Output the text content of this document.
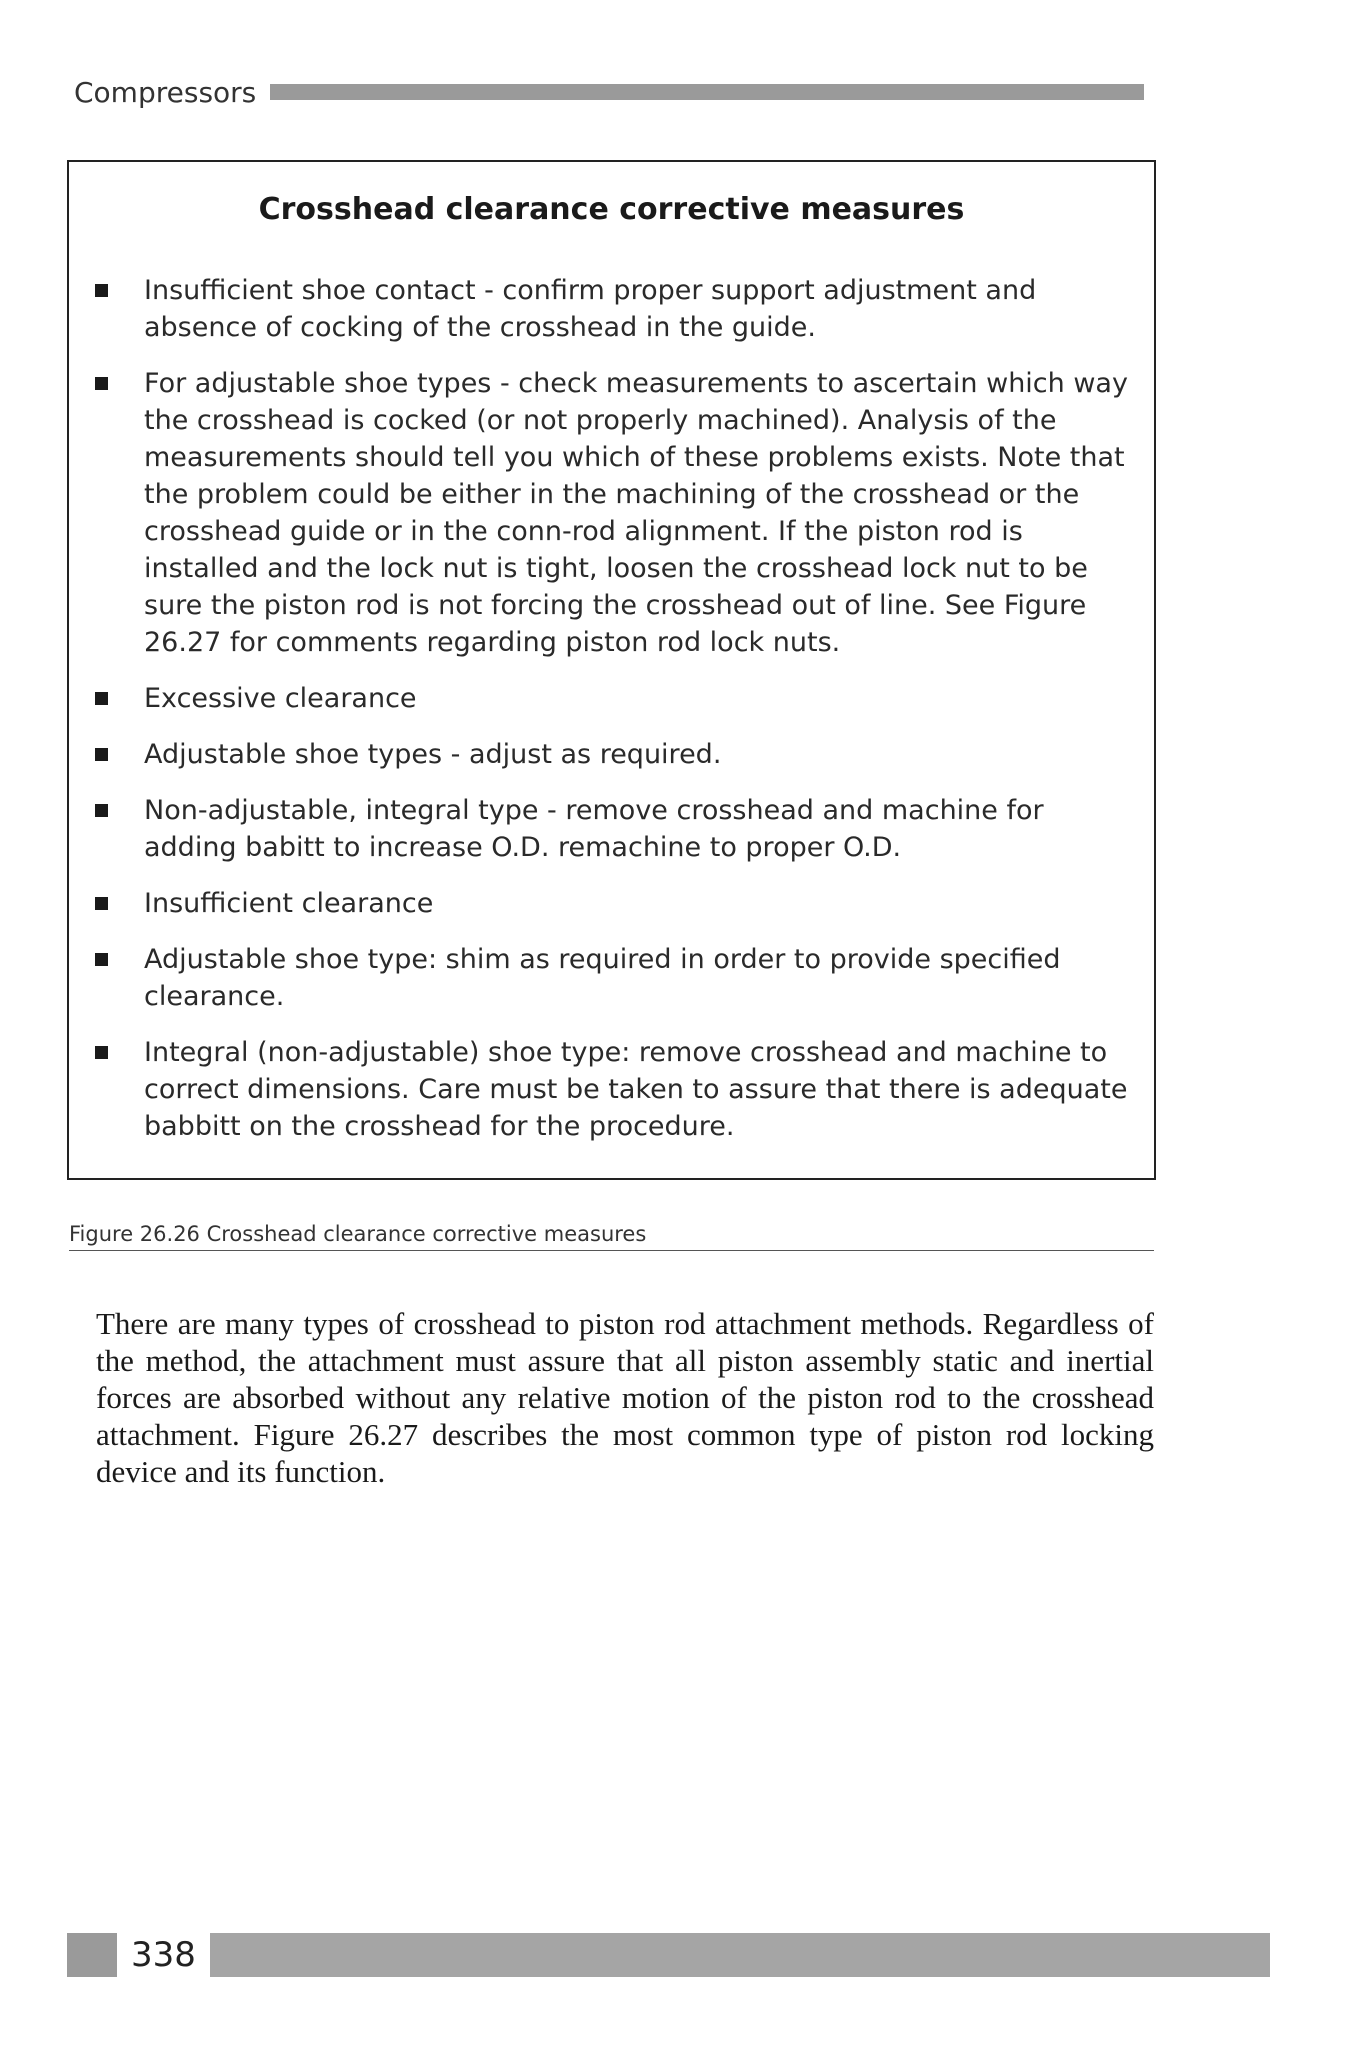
Compressors
Crosshead clearance corrective measures
Insufficient shoe contact - confirm proper support adjustment and absence of cocking of the crosshead in the guide.
For adjustable shoe types - check measurements to ascertain which way the crosshead is cocked (or not properly machined). Analysis of the measurements should tell you which of these problems exists. Note that the problem could be either in the machining of the crosshead or the crosshead guide or in the conn-rod alignment. If the piston rod is installed and the lock nut is tight, loosen the crosshead lock nut to be sure the piston rod is not forcing the crosshead out of line. See Figure 26.27 for comments regarding piston rod lock nuts.
Excessive clearance
Adjustable shoe types - adjust as required.
Non-adjustable, integral type - remove crosshead and machine for adding babitt to increase O.D. remachine to proper O.D.
Insufficient clearance
Adjustable shoe type: shim as required in order to provide specified clearance.
Integral (non-adjustable) shoe type: remove crosshead and machine to correct dimensions. Care must be taken to assure that there is adequate babbitt on the crosshead for the procedure.
Figure 26.26 Crosshead clearance corrective measures

There are many types of crosshead to piston rod attachment methods. Regardless of the method, the attachment must assure that all piston assembly static and inertial forces are absorbed without any relative motion of the piston rod to the crosshead attachment. Figure 26.27 describes the most common type of piston rod locking device and its function.

338
